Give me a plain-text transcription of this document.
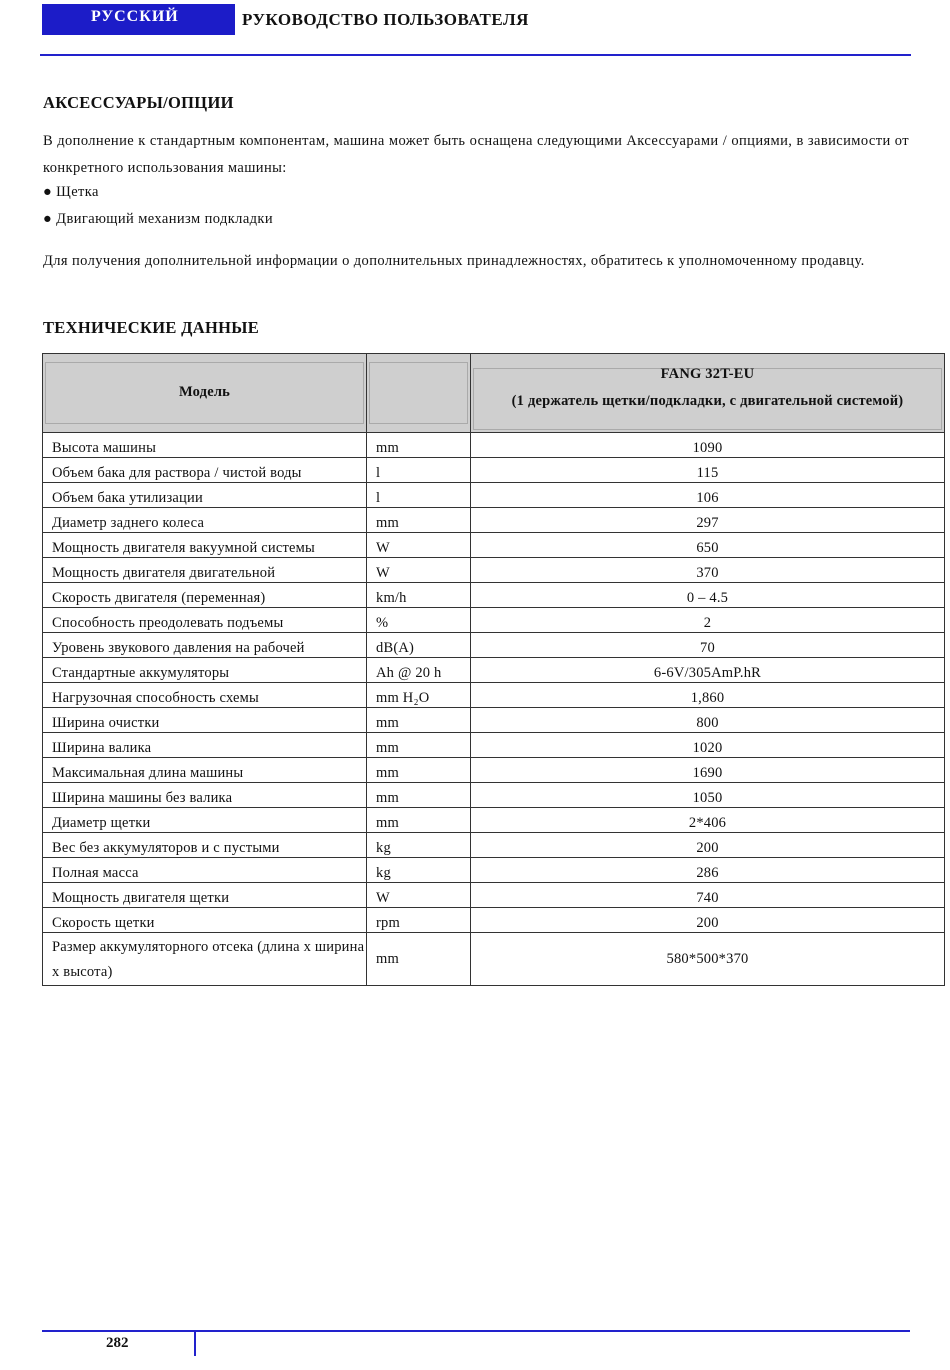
РУССКИЙ	РУКОВОДСТВО ПОЛЬЗОВАТЕЛЯ
АКСЕССУАРЫ/ОПЦИИ
В дополнение к стандартным компонентам, машина может быть оснащена следующими Аксессуарами / опциями, в зависимости от конкретного использования машины:
● Щетка
● Двигающий механизм подкладки
Для получения дополнительной информации о дополнительных принадлежностях, обратитесь к уполномоченному продавцу.
ТЕХНИЧЕСКИЕ ДАННЫЕ
Модель		FANG 32T-EU
(1 держатель щетки/подкладки, с двигательной системой)

Высота машины	mm	1090
Объем бака для раствора / чистой воды	l	115
Объем бака утилизации	l	106
Диаметр заднего колеса	mm	297
Мощность двигателя вакуумной системы	W	650
Мощность двигателя двигательной	W	370
Скорость двигателя (переменная)	km/h	0 – 4.5
Способность преодолевать подъемы	%	2
Уровень звукового давления на рабочей	dB(A)	70
Стандартные аккумуляторы	Ah @ 20 h	6-6V/305AmP.hR
Нагрузочная способность схемы	mm H₂O	1,860
Ширина очистки	mm	800
Ширина валика	mm	1020
Максимальная длина машины	mm	1690
Ширина машины без валика	mm	1050
Диаметр щетки	mm	2*406
Вес без аккумуляторов и с пустыми	kg	200
Полная масса	kg	286
Мощность двигателя щетки	W	740
Скорость щетки	rpm	200
Размер аккумуляторного отсека (длина х ширина х высота)	mm	580*500*370
282
